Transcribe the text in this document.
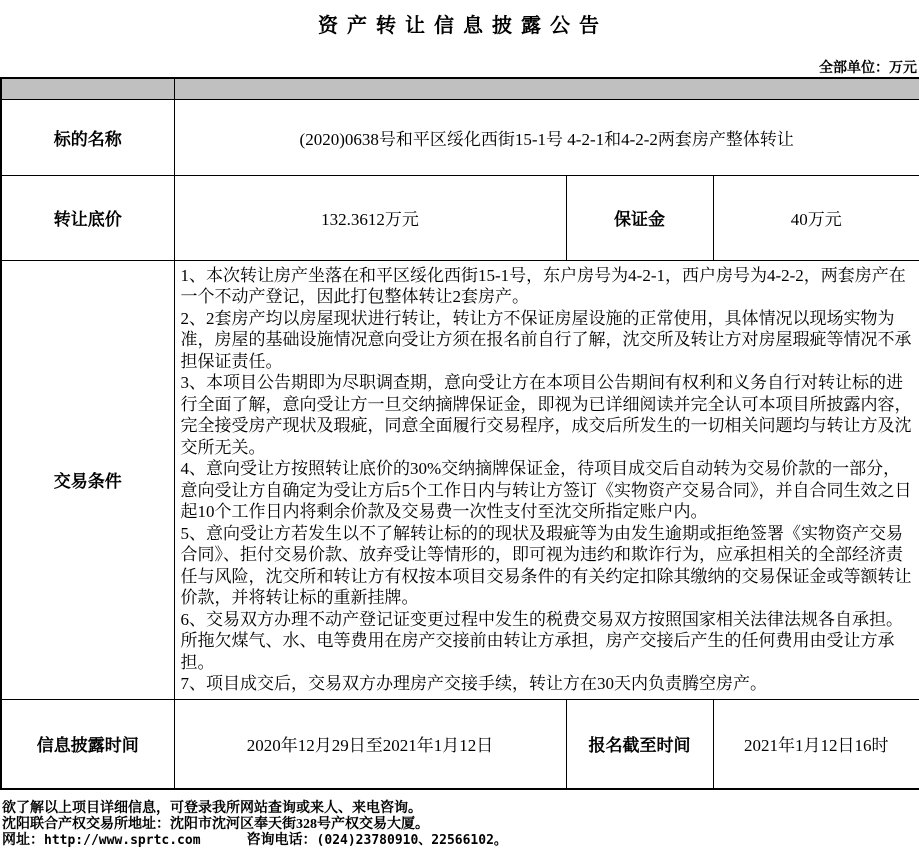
资 产 转 让 信 息 披 露 公 告
全部单位：万元

标的名称	(2020)0638号和平区绥化西街15-1号 4-2-1和4-2-2两套房产整体转让		
转让底价	132.3612万元	保证金	40万元
交易条件	
1、本次转让房产坐落在和平区绥化西街15-1号，东户房号为4-2-1，西户房号为4-2-2，两套房产在一个不动产登记，因此打包整体转让2套房产。
2、2套房产均以房屋现状进行转让，转让方不保证房屋设施的正常使用，具体情况以现场实物为准，房屋的基础设施情况意向受让方须在报名前自行了解，沈交所及转让方对房屋瑕疵等情况不承担保证责任。
3、本项目公告期即为尽职调查期，意向受让方在本项目公告期间有权利和义务自行对转让标的进行全面了解，意向受让方一旦交纳摘牌保证金，即视为已详细阅读并完全认可本项目所披露内容，完全接受房产现状及瑕疵，同意全面履行交易程序，成交后所发生的一切相关问题均与转让方及沈交所无关。
4、意向受让方按照转让底价的30%交纳摘牌保证金，待项目成交后自动转为交易价款的一部分，意向受让方自确定为受让方后5个工作日内与转让方签订《实物资产交易合同》，并自合同生效之日起10个工作日内将剩余价款及交易费一次性支付至沈交所指定账户内。
5、意向受让方若发生以不了解转让标的的现状及瑕疵等为由发生逾期或拒绝签署《实物资产交易合同》、拒付交易价款、放弃受让等情形的，即可视为违约和欺诈行为，应承担相关的全部经济责任与风险，沈交所和转让方有权按本项目交易条件的有关约定扣除其缴纳的交易保证金或等额转让价款，并将转让标的重新挂牌。
6、交易双方办理不动产登记证变更过程中发生的税费交易双方按照国家相关法律法规各自承担。所拖欠煤气、水、电等费用在房产交接前由转让方承担，房产交接后产生的任何费用由受让方承担。
7、项目成交后，交易双方办理房产交接手续，转让方在30天内负责腾空房产。

信息披露时间	2020年12月29日至2021年1月12日	报名截至时间	2021年1月12日16时
欲了解以上项目详细信息，可登录我所网站查询或来人、来电咨询。
沈阳联合产权交易所地址：沈阳市沈河区奉天街328号产权交易大厦。
网址：http://www.sprtc.com	咨询电话：(024)23780910、22566102。
